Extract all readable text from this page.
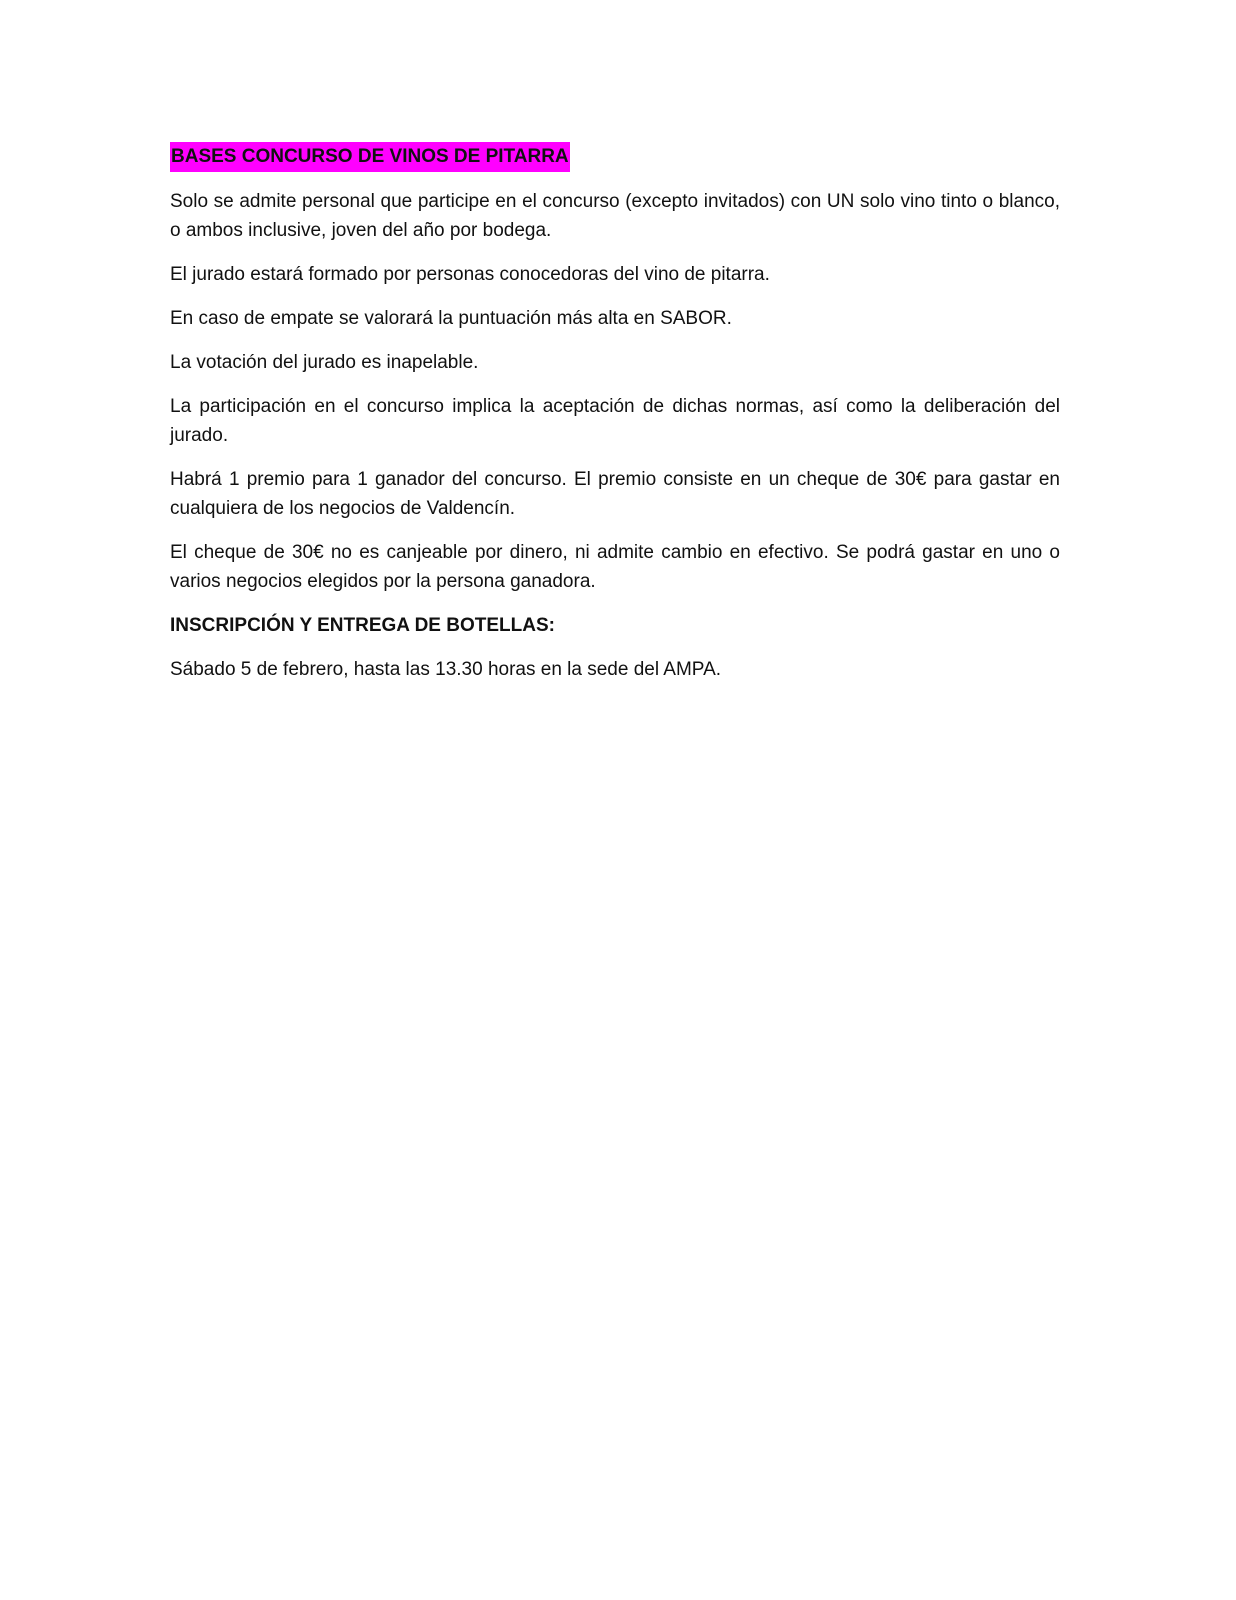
BASES CONCURSO DE VINOS DE PITARRA

Solo se admite personal que participe en el concurso (excepto invitados) con UN solo vino tinto o blanco, o ambos inclusive, joven del año por bodega.

El jurado estará formado por personas conocedoras del vino de pitarra.

En caso de empate se valorará la puntuación más alta en SABOR.

La votación del jurado es inapelable.

La participación en el concurso implica la aceptación de dichas normas, así como la deliberación del jurado.

Habrá 1 premio para 1 ganador del concurso. El premio consiste en un cheque de 30€ para gastar en cualquiera de los negocios de Valdencín.

El cheque de 30€ no es canjeable por dinero, ni admite cambio en efectivo. Se podrá gastar en uno o varios negocios elegidos por la persona ganadora.

INSCRIPCIÓN Y ENTREGA DE BOTELLAS:

Sábado 5 de febrero, hasta las 13.30 horas en la sede del AMPA.
